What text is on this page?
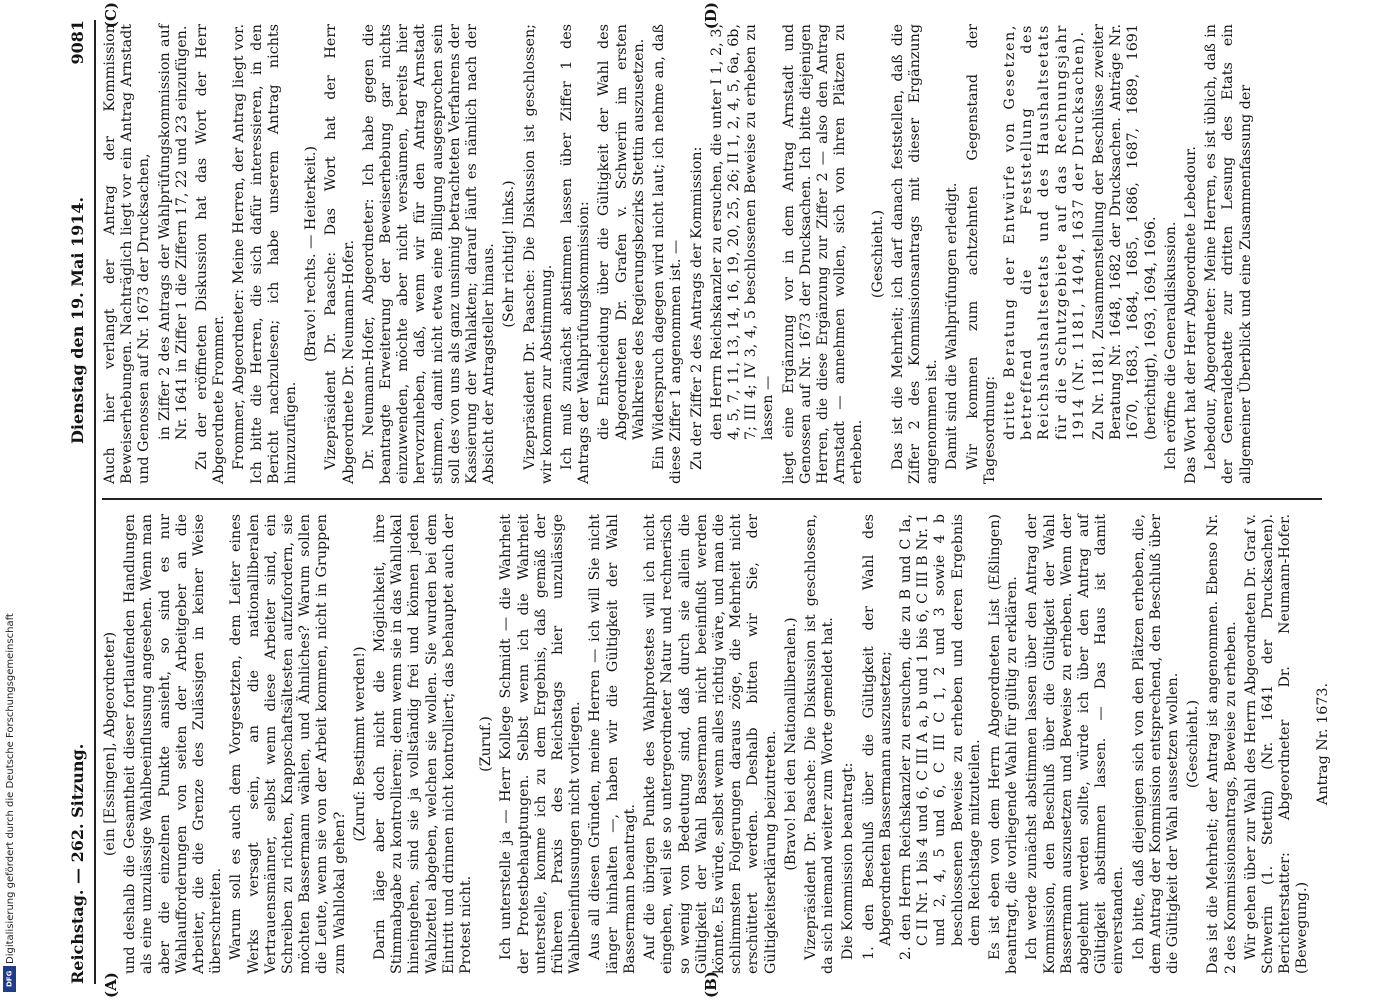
Reichstag. — 262. Sitzung.
Dienstag den 19. Mai 1914.
9081

(ein [Essingen], Abgeordneter) und deshalb die Gesamtheit dieser fortlaufenden Handlungen als eine unzulässige Wahlbeeinflussung angesehen. Wenn man aber die einzelnen Punkte ansieht, so sind es nur Wahlaufforderungen von seiten der Arbeitgeber an die Arbeiter, die die Grenze des Zulässigen in keiner Weise überschreiten. Warum soll es auch dem Vorgesetzten, dem Leiter eines Werks versagt sein, an die nationalliberalen Vertrauensmänner, selbst wenn diese Arbeiter sind, ein Schreiben zu richten, Knappschaftsältesten aufzufordern, sie möchten Bassermann wählen, und Ähnliches? Warum sollen die Leute, wenn sie von der Arbeit kommen, nicht in Gruppen zum Wahllokal gehen?

(Zuruf: Bestimmt werden!) Darin läge aber doch nicht die Möglichkeit, ihre Stimmabgabe zu kontrollieren; denn wenn sie in das Wahllokal hineingehen, sind sie ja vollständig frei und können jeden Wahlzettel abgeben, welchen sie wollen. Sie wurden bei dem Eintritt und drinnen nicht kontrolliert; das behauptet auch der Protest nicht.

(Zuruf.) Ich unterstelle ja — Herr Kollege Schmidt — die Wahrheit der Protestbehauptungen. Selbst wenn ich die Wahrheit unterstelle, komme ich zu dem Ergebnis, daß gemäß der früheren Praxis des Reichstags hier unzulässige Wahlbeeinflussungen nicht vorliegen. Aus all diesen Gründen, meine Herren — ich will Sie nicht länger hinhalten —, haben wir die Gültigkeit der Wahl Bassermann beantragt. Auf die übrigen Punkte des Wahlprotestes will ich nicht eingehen, weil sie so untergeordneter Natur und rechnerisch so wenig von Bedeutung sind, daß durch sie allein die Gültigkeit der Wahl Bassermann nicht beeinflußt werden könnte. Es würde, selbst wenn alles richtig wäre, und man die schlimmsten Folgerungen daraus zöge, die Mehrheit nicht erschüttert werden. Deshalb bitten wir Sie, der Gültigkeitserklärung beizutreten. (Bravo! bei den Nationalliberalen.) Vizepräsident Dr. Paasche: Die Diskussion ist geschlossen, da sich niemand weiter zum Worte gemeldet hat. Die Kommission beantragt: 1. den Beschluß über die Gültigkeit der Wahl des Abgeordneten Bassermann auszusetzen; 2. den Herrn Reichskanzler zu ersuchen, die zu B und C Ia, C II Nr. 1 bis 4 und 6, C III A a, b und 1 bis 6, C III B Nr. 1 und 2, 4, 5 und 6, C III C 1, 2 und 3 sowie 4 b beschlossenen Beweise zu erheben und deren Ergebnis dem Reichstage mitzuteilen. Es ist eben von dem Herrn Abgeordneten List (Eßlingen) beantragt, die vorliegende Wahl für gültig zu erklären. Ich werde zunächst abstimmen lassen über den Antrag der Kommission, den Beschluß über die Gültigkeit der Wahl Bassermann auszusetzen und Beweise zu erheben. Wenn der abgelehnt werden sollte, würde ich über den Antrag auf Gültigkeit abstimmen lassen. — Das Haus ist damit einverstanden. Ich bitte, daß diejenigen sich von den Plätzen erheben, die, dem Antrag der Kommission entsprechend, den Beschluß über die Gültigkeit der Wahl aussetzen wollen. (Geschieht.) Das ist die Mehrheit; der Antrag ist angenommen. Ebenso Nr. 2 des Kommissionsantrags, Beweise zu erheben. Wir gehen über zur Wahl des Herrn Abgeordneten Dr. Graf v. Schwerin (1. Stettin) (Nr. 1641 der Drucksachen). Berichterstatter: Abgeordneter Dr. Neumann-Hofer. (Bewegung.)

Antrag Nr. 1673.

Auch hier verlangt der Antrag der Kommission Beweiserhebungen. Nachträglich liegt vor ein Antrag Arnstadt und Genossen auf Nr. 1673 der Drucksachen, in Ziffer 2 des Antrags der Wahlprüfungskommission auf Nr. 1641 in Ziffer 1 die Ziffern 17, 22 und 23 einzufügen. Zu der eröffneten Diskussion hat das Wort der Herr Abgeordnete Frommer. Frommer, Abgeordneter: Meine Herren, der Antrag liegt vor. Ich bitte die Herren, die sich dafür interessieren, in den Bericht nachzulesen; ich habe unserem Antrag nichts hinzuzufügen.

(Bravo! rechts. — Heiterkeit.) Vizepräsident Dr. Paasche: Das Wort hat der Herr Abgeordnete Dr. Neumann-Hofer. Dr. Neumann-Hofer, Abgeordneter: Ich habe gegen die beantragte Erweiterung der Beweiserhebung gar nichts einzuwenden, möchte aber nicht versäumen, bereits hier hervorzuheben, daß, wenn wir für den Antrag Arnstadt stimmen, damit nicht etwa eine Billigung ausgesprochen sein soll des von uns als ganz unsinnig betrachteten Verfahrens der Kassierung der Wahlakten; darauf läuft es nämlich nach der Absicht der Antragsteller hinaus. (Sehr richtig! links.) Vizepräsident Dr. Paasche: Die Diskussion ist geschlossen; wir kommen zur Abstimmung. Ich muß zunächst abstimmen lassen über Ziffer 1 des Antrags der Wahlprüfungskommission: die Entscheidung über die Gültigkeit der Wahl des Abgeordneten Dr. Grafen v. Schwerin im ersten Wahlkreise des Regierungsbezirks Stettin auszusetzen. Ein Widerspruch dagegen wird nicht laut; ich nehme an, daß diese Ziffer 1 angenommen ist. — Zu der Ziffer 2 des Antrags der Kommission: den Herrn Reichskanzler zu ersuchen, die unter I 1, 2, 3, 4, 5, 7, 11, 13, 14, 16, 19, 20, 25, 26; II 1, 2, 4, 5, 6a, 6b, 7; III 4; IV 3, 4, 5 beschlossenen Beweise zu erheben zu lassen — liegt eine Ergänzung vor in dem Antrag Arnstadt und Genossen auf Nr. 1673 der Drucksachen. Ich bitte diejenigen Herren, die diese Ergänzung zur Ziffer 2 — also den Antrag Arnstadt — annehmen wollen, sich von ihren Plätzen zu erheben.

(Geschieht.) Das ist die Mehrheit; ich darf danach feststellen, daß die Ziffer 2 des Kommissionsantrags mit dieser Ergänzung angenommen ist. Damit sind die Wahlprüfungen erledigt. Wir kommen zum achtzehnten Gegenstand der Tagesordnung: dritte Beratung der Entwürfe von Gesetzen, betreffend die Feststellung des Reichshaushaltsetats und des Haushaltsetats für die Schutzgebiete auf das Rechnungsjahr 1914 (Nr. 1181, 1404, 1637 der Drucksachen). Zu Nr. 1181, Zusammenstellung der Beschlüsse zweiter Beratung Nr. 1648, 1682 der Drucksachen. Anträge Nr. 1670, 1683, 1684, 1685, 1686, 1687, 1689, 1691 (berichtigt), 1693, 1694, 1696. Ich eröffne die Generaldiskussion. Das Wort hat der Herr Abgeordnete Lebedour. Lebedour, Abgeordneter: Meine Herren, es ist üblich, daß in der Generaldebatte zur dritten Lesung des Etats ein allgemeiner Überblick und eine Zusammenfassung der

(A)	(B)
(C)	(D)
Digitalisierung gefördert durch die Deutsche Forschungsgemeinschaft
DFG
